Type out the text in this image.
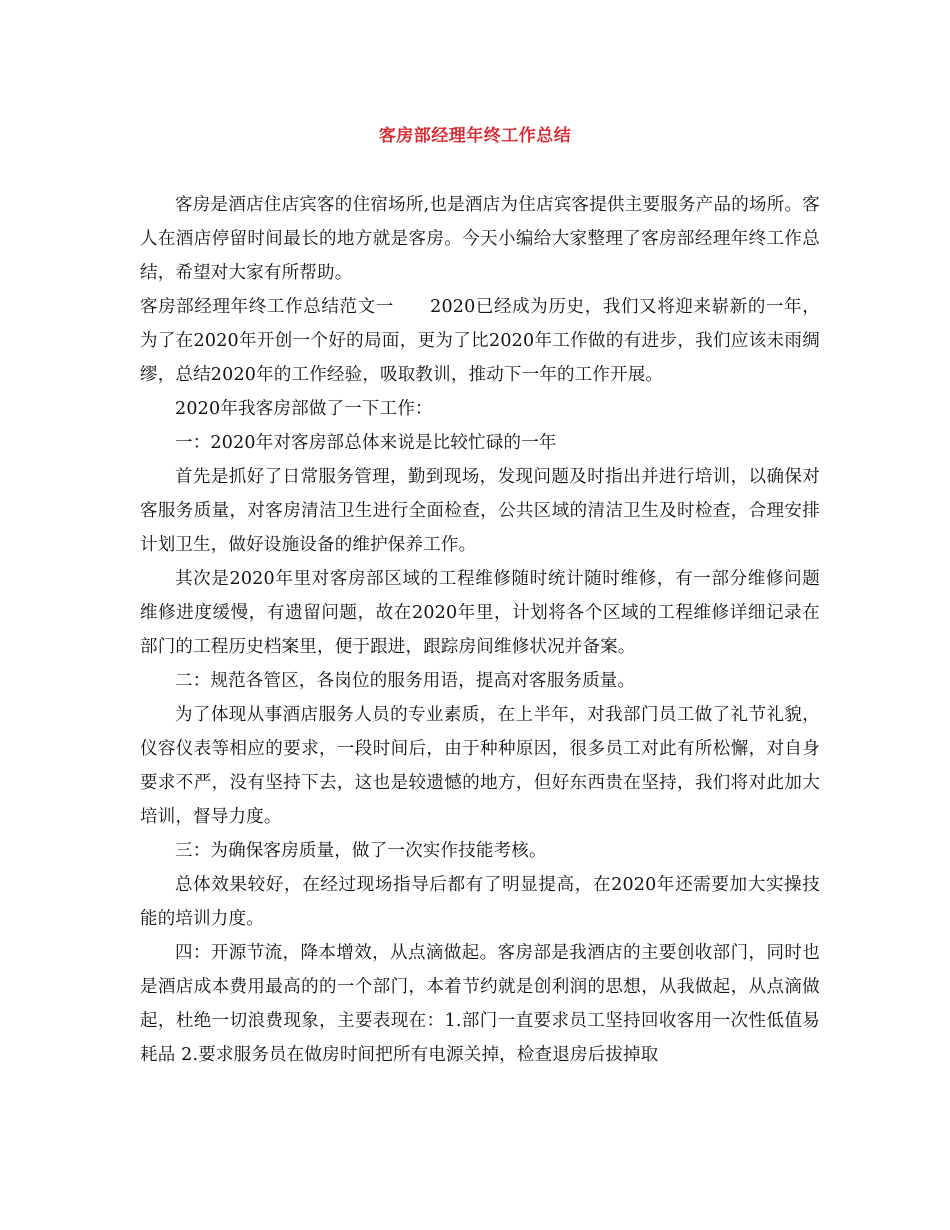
客房部经理年终工作总结

客房是酒店住店宾客的住宿场所,也是酒店为住店宾客提供主要服务产品的场所。客人在酒店停留时间最长的地方就是客房。今天小编给大家整理了客房部经理年终工作总结，希望对大家有所帮助。

客房部经理年终工作总结范文一　　2020已经成为历史，我们又将迎来崭新的一年，为了在2020年开创一个好的局面，更为了比2020年工作做的有进步，我们应该未雨绸缪，总结2020年的工作经验，吸取教训，推动下一年的工作开展。

2020年我客房部做了一下工作：

一：2020年对客房部总体来说是比较忙碌的一年

首先是抓好了日常服务管理，勤到现场，发现问题及时指出并进行培训，以确保对客服务质量，对客房清洁卫生进行全面检查，公共区域的清洁卫生及时检查，合理安排计划卫生，做好设施设备的维护保养工作。

其次是2020年里对客房部区域的工程维修随时统计随时维修，有一部分维修问题维修进度缓慢，有遗留问题，故在2020年里，计划将各个区域的工程维修详细记录在部门的工程历史档案里，便于跟进，跟踪房间维修状况并备案。

二：规范各管区，各岗位的服务用语，提高对客服务质量。

为了体现从事酒店服务人员的专业素质，在上半年，对我部门员工做了礼节礼貌，仪容仪表等相应的要求，一段时间后，由于种种原因，很多员工对此有所松懈，对自身要求不严，没有坚持下去，这也是较遗憾的地方，但好东西贵在坚持，我们将对此加大培训，督导力度。

三：为确保客房质量，做了一次实作技能考核。

总体效果较好，在经过现场指导后都有了明显提高，在2020年还需要加大实操技能的培训力度。

四：开源节流，降本增效，从点滴做起。客房部是我酒店的主要创收部门，同时也是酒店成本费用最高的的一个部门，本着节约就是创利润的思想，从我做起，从点滴做起，杜绝一切浪费现象，主要表现在：1.部门一直要求员工坚持回收客用一次性低值易耗品 2.要求服务员在做房时间把所有电源关掉，检查退房后拔掉取
